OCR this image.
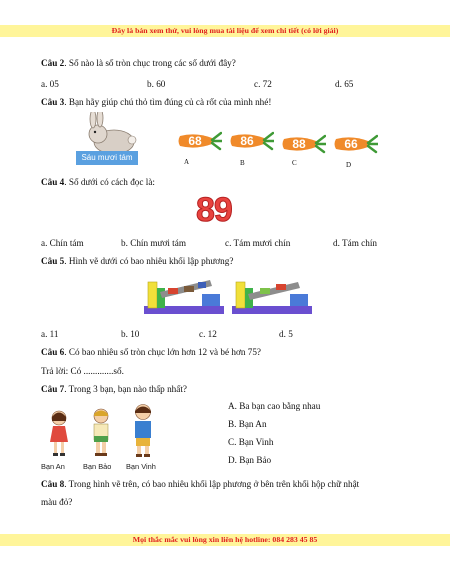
Đây là bản xem thử, vui lòng mua tài liệu để xem chi tiết (có lời giải)
Câu 2. Số nào là số tròn chục trong các số dưới đây?
a. 05	b. 60	c. 72	d. 65
Câu 3. Bạn hãy giúp chú thỏ tìm đúng củ cà rốt của mình nhé!
Sáu mươi tám
68
A
86
B
88
C
66
D
Câu 4. Số dưới có cách đọc là:
89
a. Chín tám	b. Chín mươi tám	c. Tám mươi chín	d. Tám chín
Câu 5. Hình vẽ dưới có bao nhiêu khối lập phương?
a. 11	b. 10	c. 12	d. 5
Câu 6. Có bao nhiêu số tròn chục lớn hơn 12 và bé hơn 75?
Trả lời: Có .............số.
Câu 7. Trong 3 bạn, bạn nào thấp nhất?
Bạn An Bạn Bảo Bạn Vinh
A. Ba bạn cao bằng nhau
B. Bạn An
C. Bạn Vinh
D. Bạn Bảo
Câu 8. Trong hình vẽ trên, có bao nhiêu khối lập phương ở bên trên khối hộp chữ nhật
màu đỏ?
Mọi thắc mắc vui lòng xin liên hệ hotline: 084 283 45 85
